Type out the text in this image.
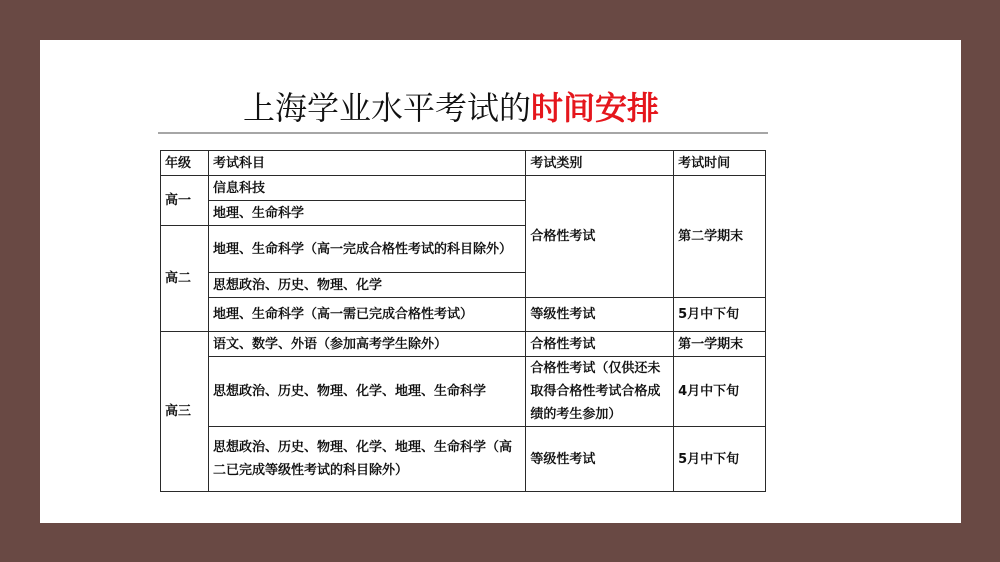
上海学业水平考试的时间安排
年级	考试科目	考试类别	考试时间
高一	信息科技	合格性考试	第二学期末
	地理、生命科学		
高二	地理、生命科学（高一完成合格性考试的科目除外）		
	思想政治、历史、物理、化学		
	地理、生命科学（高一需已完成合格性考试）	等级性考试	5月中下旬
高三	语文、数学、外语（参加高考学生除外）	合格性考试	第一学期末
	思想政治、历史、物理、化学、地理、生命科学	合格性考试（仅供还未取得合格性考试合格成绩的考生参加）	4月中下旬
	思想政治、历史、物理、化学、地理、生命科学（高二已完成等级性考试的科目除外）	等级性考试	5月中下旬
